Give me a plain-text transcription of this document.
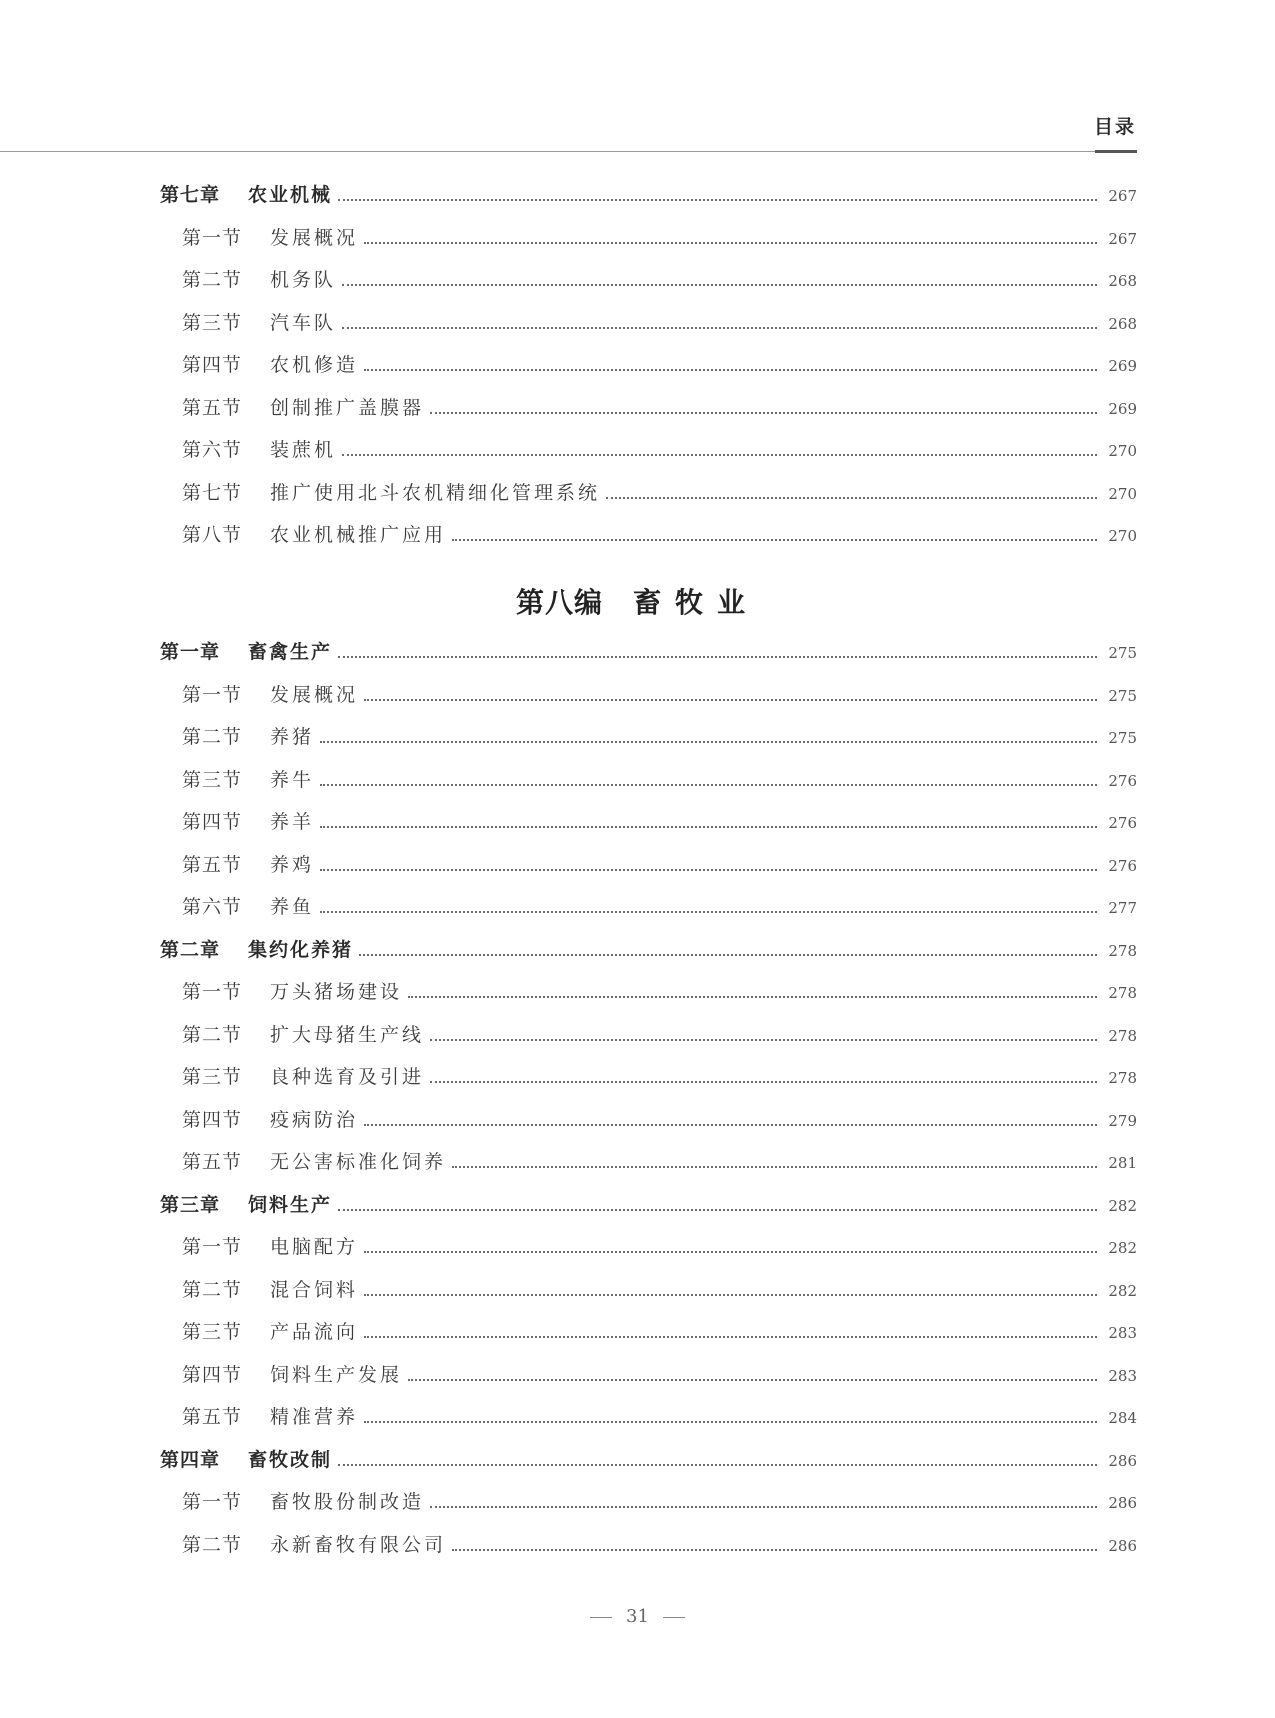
目录
第七章	农业机械	267
第一节	发展概况	267
第二节	机务队	268
第三节	汽车队	268
第四节	农机修造	269
第五节	创制推广盖膜器	269
第六节	装蔗机	270
第七节	推广使用北斗农机精细化管理系统	270
第八节	农业机械推广应用	270
第八编 畜牧业
第一章	畜禽生产	275
第一节	发展概况	275
第二节	养猪	275
第三节	养牛	276
第四节	养羊	276
第五节	养鸡	276
第六节	养鱼	277
第二章	集约化养猪	278
第一节	万头猪场建设	278
第二节	扩大母猪生产线	278
第三节	良种选育及引进	278
第四节	疫病防治	279
第五节	无公害标准化饲养	281
第三章	饲料生产	282
第一节	电脑配方	282
第二节	混合饲料	282
第三节	产品流向	283
第四节	饲料生产发展	283
第五节	精准营养	284
第四章	畜牧改制	286
第一节	畜牧股份制改造	286
第二节	永新畜牧有限公司	286
31
